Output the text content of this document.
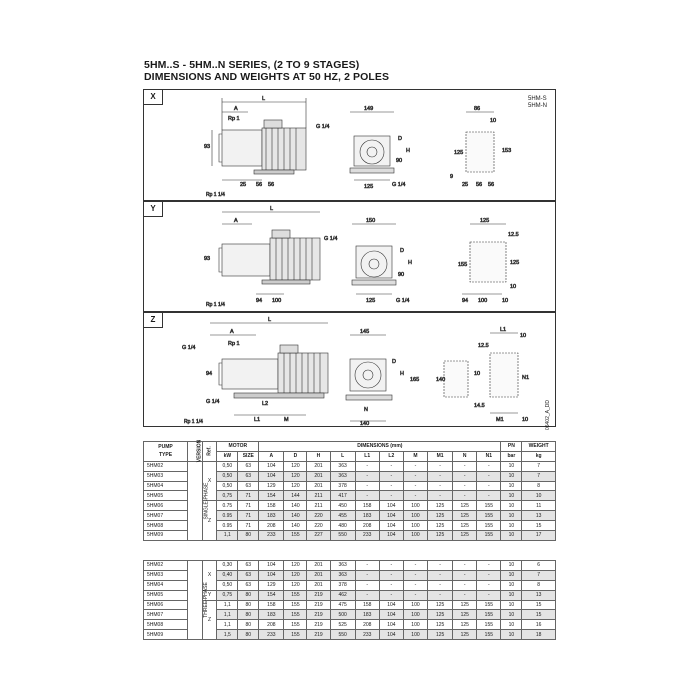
5HM..S - 5HM..N SERIES, (2 TO 9 STAGES)
DIMENSIONS AND WEIGHTS AT 50 HZ, 2 POLES
X	5HM-S
5HM-N
L
A
Rp 1
93
G 1/4
25 56 56
Rp 1 1/4
149
D
H
90
125	G 1/4
86
10
125	153
9
25 56 56
Y	L
A
93
Rp 1 1/4
94 100
150
G 1/4
D
H
90
125	G 1/4
125
12.5
155	125
10
94 100	10
Z
05402_A_DD
L
A
G 1/4
Rp 1
94
G 1/4	L2
L1	M
Rp 1 1/4
145
D
H
165
N
140
140
L1
10
12.5
10
N1
14.5
M1	10
PUMP
TYPE	VERSION	Ref.	MOTOR		DIMENSIONS (mm)										PN	WEIGHT
			kW	SIZE	A	D	H	L	L1	L2	M	M1	N	N1	bar	kg
5HM02	SINGLE-PHASE	X	0,50	63	104	120	201	363	-	-	-	-	-	-	10	7
5HM03			0,50	63	104	120	201	363	-	-	-	-	-	-	10	7
5HM04			0,50	63	129	120	201	378	-	-	-	-	-	-	10	8
5HM05			0,75	71	154	144	211	417	-	-	-	-	-	-	10	10
5HM06		Z	0.75	71	158	140	211	450	158	104	100	125	125	155	10	11
5HM07			0.95	71	183	140	220	455	183	104	100	125	125	155	10	13
5HM08			0.95	71	208	140	220	480	208	104	100	125	125	155	10	15
5HM09			1,1	80	233	155	227	550	233	104	100	125	125	155	10	17
5HM02	THREE-PHASE	X	0,30	63	104	120	201	363	-	-	-	-	-	-	10	6
5HM03			0,40	63	104	120	201	363	-	-	-	-	-	-	10	7
5HM04			0,50	63	129	120	201	378	-	-	-	-	-	-	10	8
5HM05		Y	0,75	80	154	155	219	462	-	-	-	-	-	-	10	13
5HM06		Z	1,1	80	158	155	219	475	158	104	100	125	125	155	10	15
5HM07			1,1	80	183	155	219	500	183	104	100	125	125	155	10	15
5HM08			1,1	80	208	155	219	525	208	104	100	125	125	155	10	16
5HM09			1,5	80	233	155	219	550	233	104	100	125	125	155	10	18
